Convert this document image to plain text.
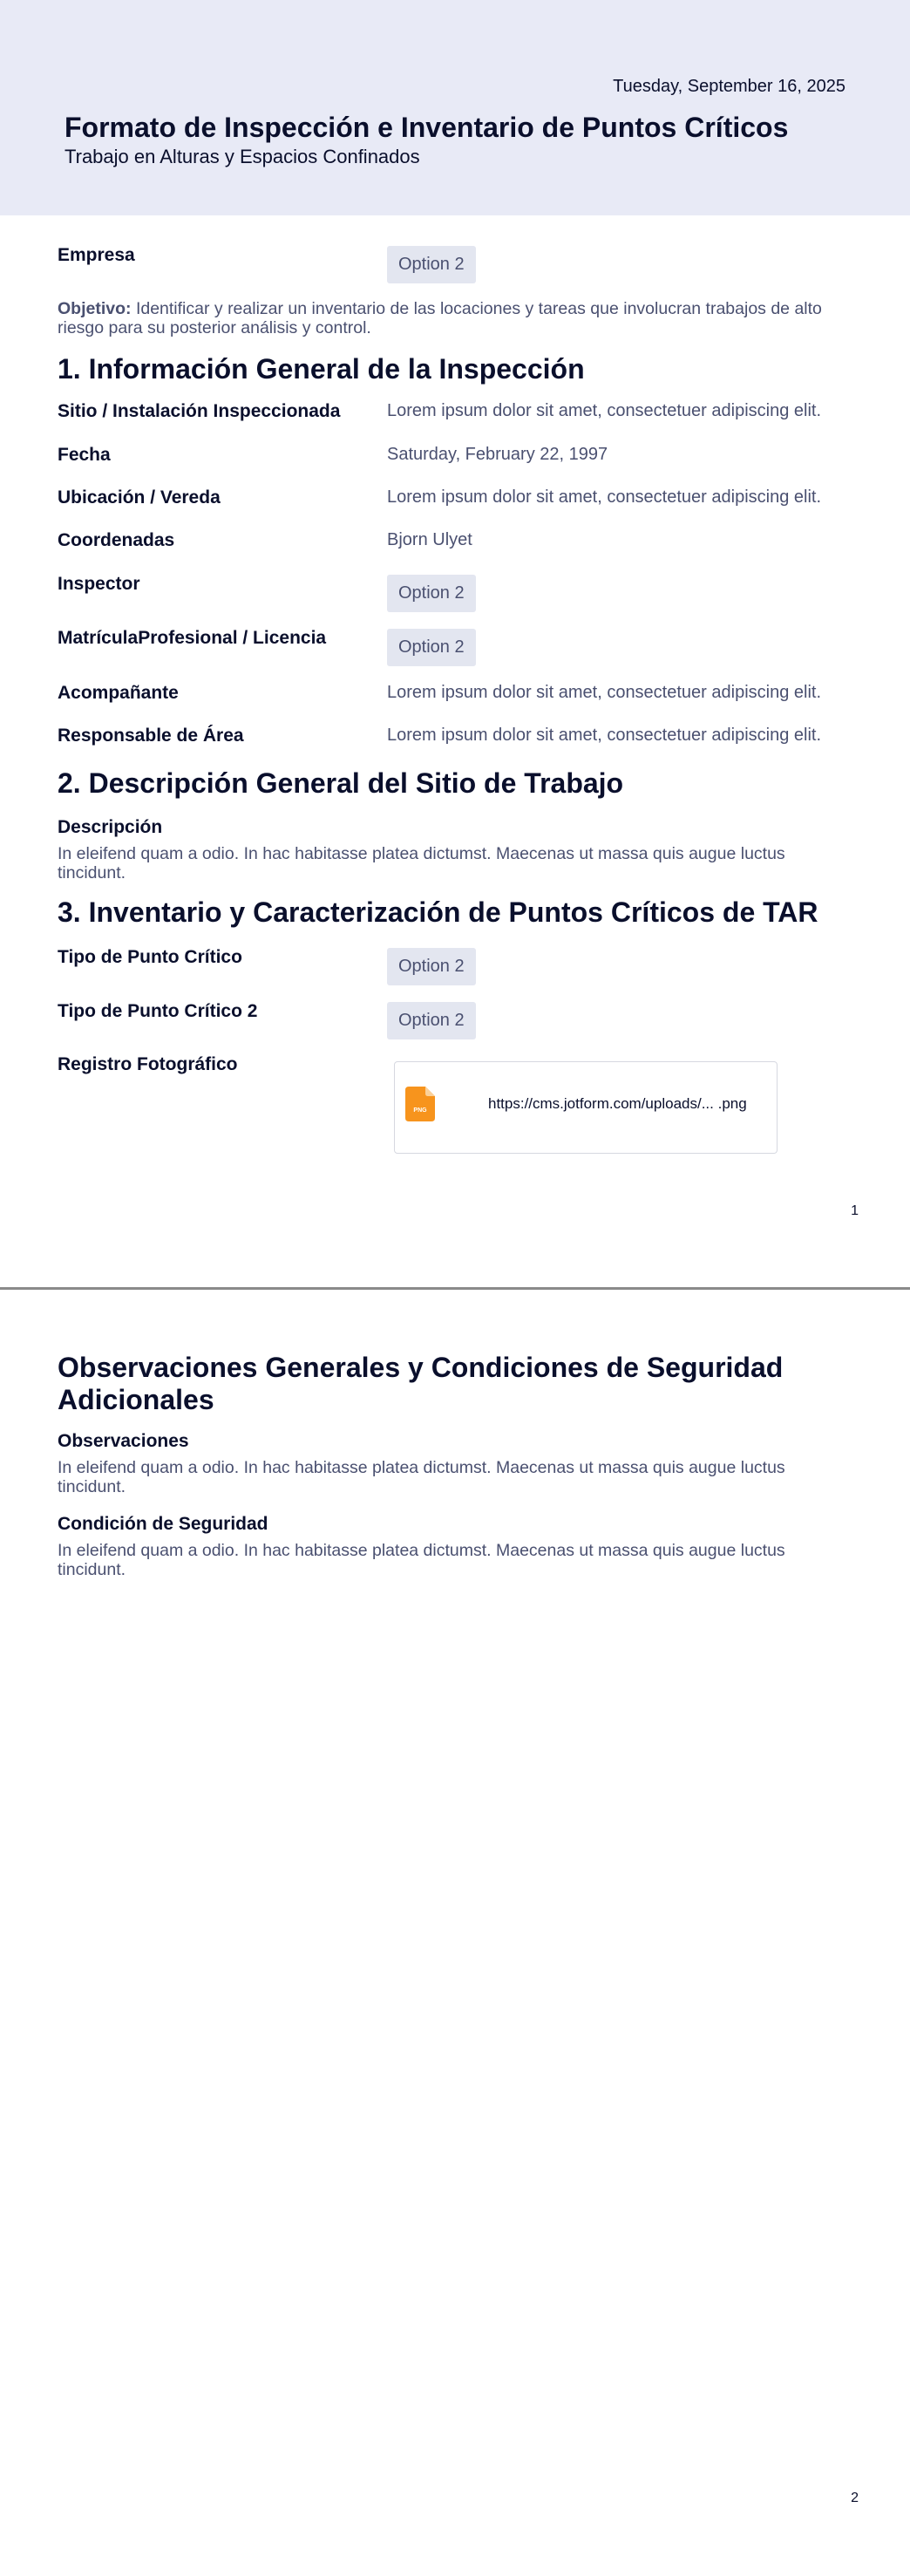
Tuesday, September 16, 2025
Formato de Inspección e Inventario de Puntos Críticos
Trabajo en Alturas y Espacios Confinados
Empresa	Option 2
Objetivo: Identificar y realizar un inventario de las locaciones y tareas que involucran trabajos de alto riesgo para su posterior análisis y control.
1. Información General de la Inspección
Sitio / Instalación Inspeccionada	Lorem ipsum dolor sit amet, consectetuer adipiscing elit.
Fecha	Saturday, February 22, 1997
Ubicación / Vereda	Lorem ipsum dolor sit amet, consectetuer adipiscing elit.
Coordenadas	Bjorn Ulyet
Inspector	Option 2
MatrículaProfesional / Licencia	Option 2
Acompañante	Lorem ipsum dolor sit amet, consectetuer adipiscing elit.
Responsable de Área	Lorem ipsum dolor sit amet, consectetuer adipiscing elit.
2. Descripción General del Sitio de Trabajo
Descripción
In eleifend quam a odio. In hac habitasse platea dictumst. Maecenas ut massa quis augue luctus tincidunt.
3. Inventario y Caracterización de Puntos Críticos de TAR
Tipo de Punto Crítico	Option 2
Tipo de Punto Crítico 2	Option 2
Registro Fotográfico
PNG	https://cms.jotform.com/uploads/... .png
1
Observaciones Generales y Condiciones de Seguridad Adicionales
Observaciones
In eleifend quam a odio. In hac habitasse platea dictumst. Maecenas ut massa quis augue luctus tincidunt.
Condición de Seguridad
In eleifend quam a odio. In hac habitasse platea dictumst. Maecenas ut massa quis augue luctus tincidunt.
2
